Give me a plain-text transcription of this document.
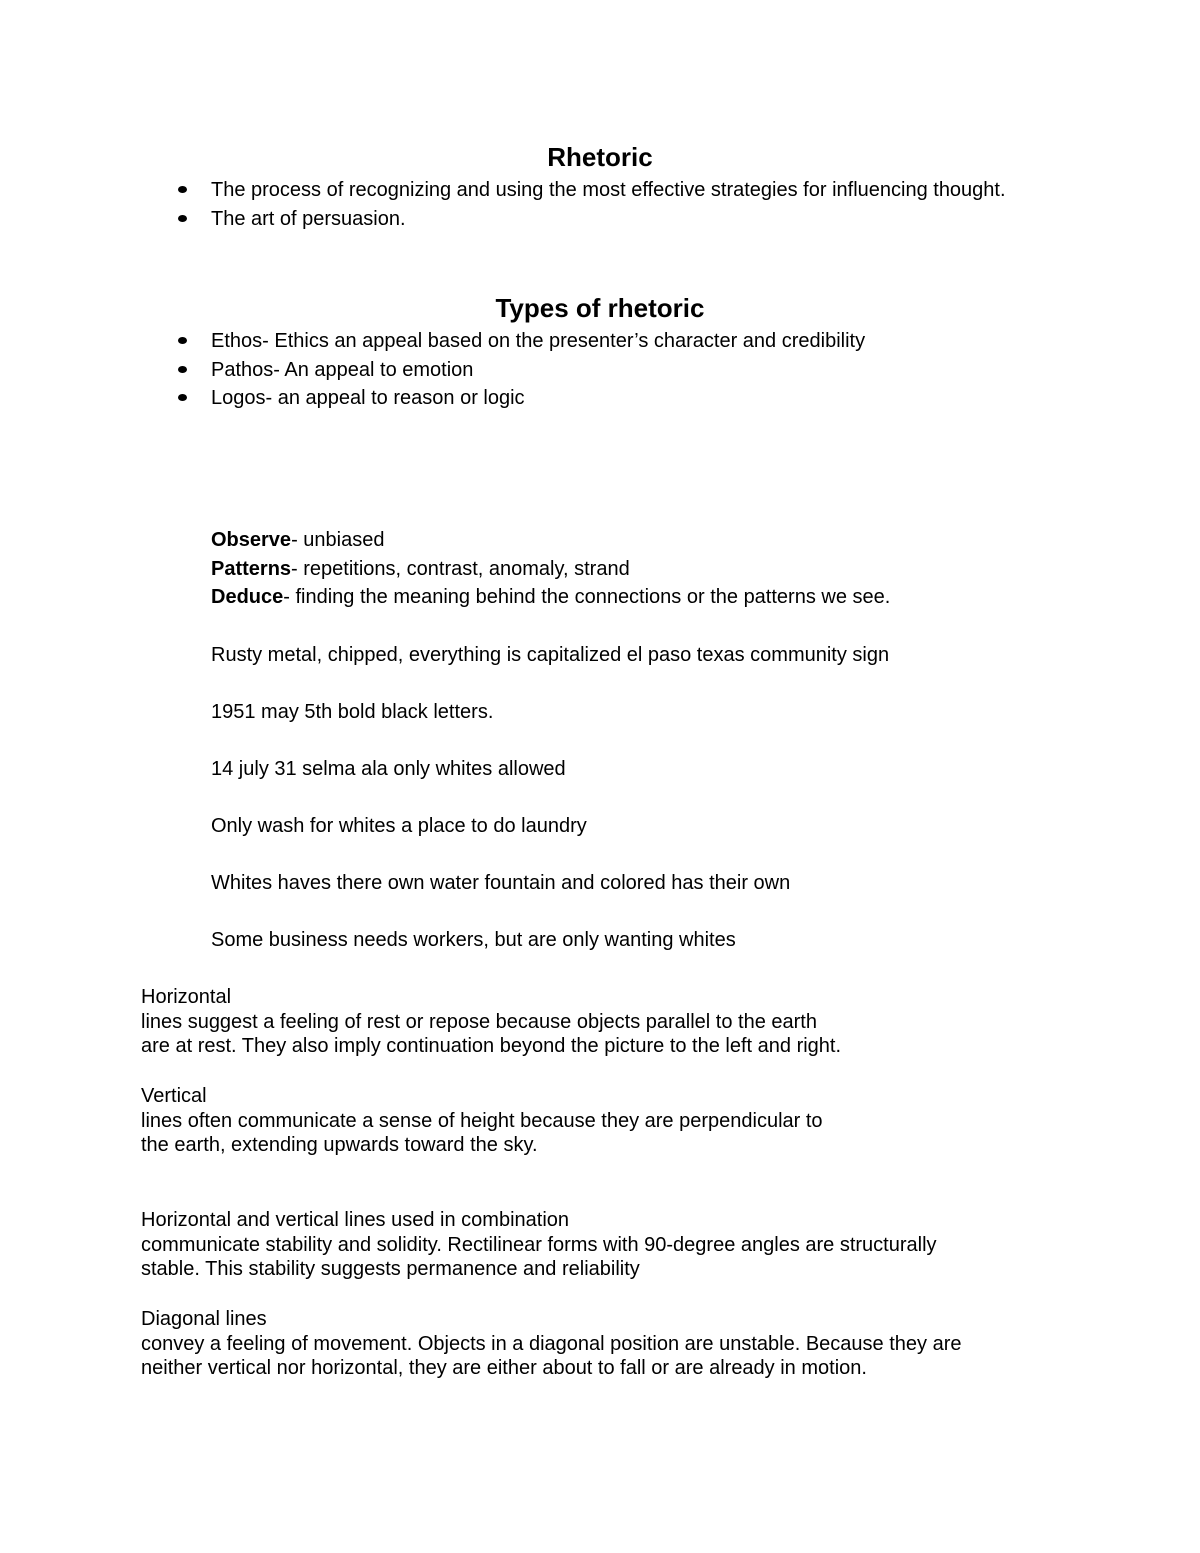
Rhetoric
The process of recognizing and using the most effective strategies for influencing thought.
The art of persuasion.
Types of rhetoric
Ethos- Ethics an appeal based on the presenter’s character and credibility
Pathos- An appeal to emotion
Logos- an appeal to reason or logic

Observe- unbiased

Patterns- repetitions, contrast, anomaly, strand

Deduce- finding the meaning behind the connections or the patterns we see.

Rusty metal, chipped, everything is capitalized el paso texas community sign

1951 may 5th bold black letters.

14 july 31 selma ala only whites allowed

Only wash for whites a place to do laundry

Whites haves there own water fountain and colored has their own

Some business needs workers, but are only wanting whites

Horizontal
lines suggest a feeling of rest or repose because objects parallel to the earth
are at rest. They also imply continuation beyond the picture to the left and right.
Vertical
lines often communicate a sense of height because they are perpendicular to
the earth, extending upwards toward the sky.
Horizontal and vertical lines used in combination
communicate stability and solidity. Rectilinear forms with 90-degree angles are structurally
stable. This stability suggests permanence and reliability
Diagonal lines
convey a feeling of movement. Objects in a diagonal position are unstable. Because they are
neither vertical nor horizontal, they are either about to fall or are already in motion.
